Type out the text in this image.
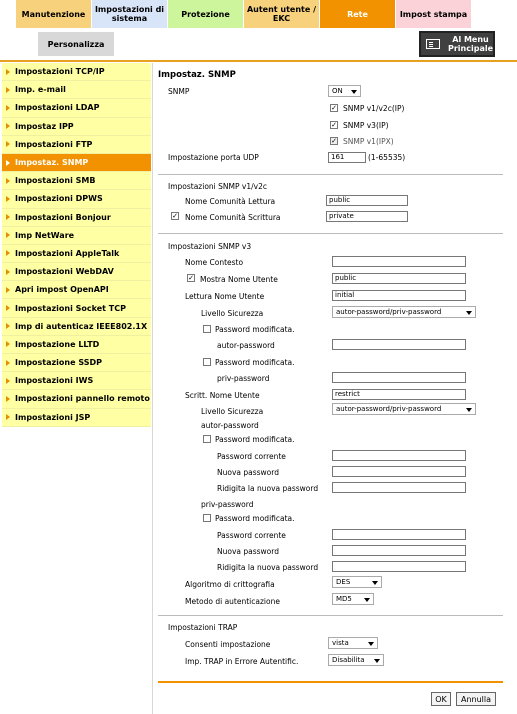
Personalizza	Al Menu Principale
Impostazioni TCP/IP
Imp. e-mail
Impostazioni LDAP
Impostaz IPP
Impostazioni FTP
Impostaz. SNMP
Impostazioni SMB
Impostazioni DPWS
Impostazioni Bonjour
Imp NetWare
Impostazioni AppleTalk
Impostazioni WebDAV
Apri impost OpenAPI
Impostazioni Socket TCP
Imp di autenticaz IEEE802.1X
Impostazione LLTD
Impostazione SSDP
Impostazioni IWS
Impostazioni pannello remoto
Impostazioni JSP
Impostaz. SNMP
SNMP	ON
✓ SNMP v1/v2c(IP)
✓ SNMP v3(IP)
✓ SNMP v1(IPX)
Impostazione porta UDP	161	(1-65535)
Impostazioni SNMP v1/v2c
Nome Comunità Lettura	public
✓ Nome Comunità Scrittura	private
Impostazioni SNMP v3
Nome Contesto
✓ Mostra Nome Utente	public
Lettura Nome Utente	initial
Livello Sicurezza	autor-password/priv-password
Password modificata.
autor-password
Password modificata.
priv-password
Scritt. Nome Utente	restrict
Livello Sicurezza	autor-password/priv-password
autor-password
Password modificata.
Password corrente
Nuova password
Ridigita la nuova password
priv-password
Password modificata.
Password corrente
Nuova password
Ridigita la nuova password
Algoritmo di crittografia	DES
Metodo di autenticazione	MD5
Impostazioni TRAP
Consenti impostazione	vista
Imp. TRAP in Errore Autentific.	Disabilita
OK	Annulla
Manutenzione	Impostazioni di sistema	Protezione	Autent utente / EKC	Rete	Impost stampa
